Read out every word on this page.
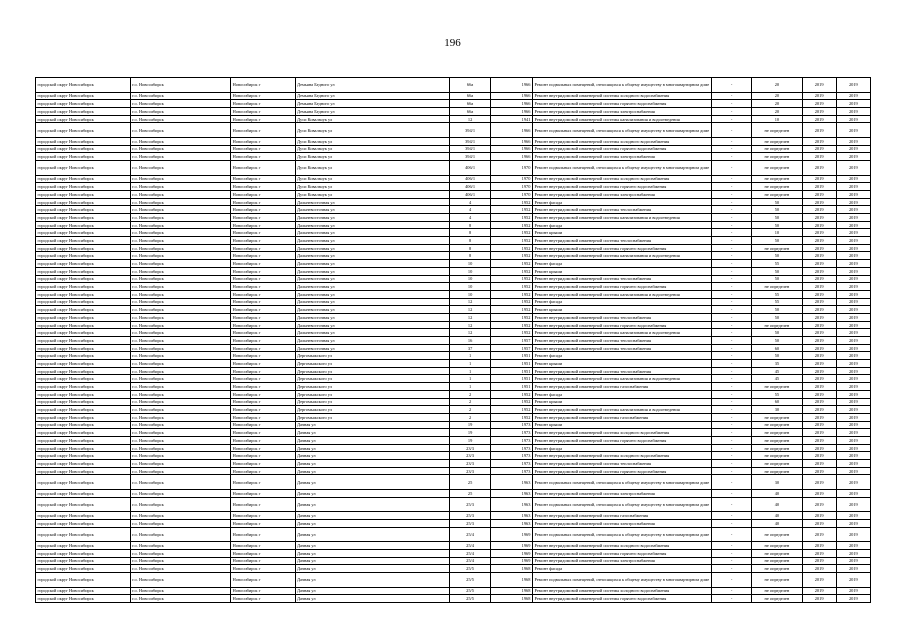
196
городской округ Новосибирск	г.о. Новосибирск	Новосибирск г	Демьяна Бедного ул	66а	1966	Ремонт подвальных помещений, относящихся к общему имуществу в многоквартирном доме	-	20	2019	2019
городской округ Новосибирск	г.о. Новосибирск	Новосибирск г	Демьяна Бедного ул	66а	1966	Ремонт внутридомовой инженерной системы холодного водоснабжения	-	20	2019	2019
городской округ Новосибирск	г.о. Новосибирск	Новосибирск г	Демьяна Бедного ул	66а	1966	Ремонт внутридомовой инженерной системы горячего водоснабжения	-	20	2019	2019
городской округ Новосибирск	г.о. Новосибирск	Новосибирск г	Демьяна Бедного ул	66а	1966	Ремонт внутридомовой инженерной системы электроснабжения	-	20	2019	2019
городской округ Новосибирск	г.о. Новосибирск	Новосибирск г	Дуси Ковальчук ул	12	1941	Ремонт внутридомовой инженерной системы канализования и водоотведения	-	10	2019	2019
городской округ Новосибирск	г.о. Новосибирск	Новосибирск г	Дуси Ковальчук ул	394/1	1966	Ремонт подвальных помещений, относящихся к общему имуществу в многоквартирном доме	-	не определен	2019	2019
городской округ Новосибирск	г.о. Новосибирск	Новосибирск г	Дуси Ковальчук ул	394/1	1966	Ремонт внутридомовой инженерной системы холодного водоснабжения	-	не определен	2019	2019
городской округ Новосибирск	г.о. Новосибирск	Новосибирск г	Дуси Ковальчук ул	394/1	1966	Ремонт внутридомовой инженерной системы горячего водоснабжения	-	не определен	2019	2019
городской округ Новосибирск	г.о. Новосибирск	Новосибирск г	Дуси Ковальчук ул	394/1	1966	Ремонт внутридомовой инженерной системы электроснабжения	-	не определен	2019	2019
городской округ Новосибирск	г.о. Новосибирск	Новосибирск г	Дуси Ковальчук ул	406/1	1970	Ремонт подвальных помещений, относящихся к общему имуществу в многоквартирном доме	-	не определен	2019	2019
городской округ Новосибирск	г.о. Новосибирск	Новосибирск г	Дуси Ковальчук ул	406/1	1970	Ремонт внутридомовой инженерной системы холодного водоснабжения	-	не определен	2019	2019
городской округ Новосибирск	г.о. Новосибирск	Новосибирск г	Дуси Ковальчук ул	406/1	1970	Ремонт внутридомовой инженерной системы горячего водоснабжения	-	не определен	2019	2019
городской округ Новосибирск	г.о. Новосибирск	Новосибирск г	Дуси Ковальчук ул	406/1	1970	Ремонт внутридомовой инженерной системы электроснабжения	-	не определен	2019	2019
городской округ Новосибирск	г.о. Новосибирск	Новосибирск г	Дальневосточная ул	4	1952	Ремонт фасада	-	50	2019	2019
городской округ Новосибирск	г.о. Новосибирск	Новосибирск г	Дальневосточная ул	4	1952	Ремонт внутридомовой инженерной системы теплоснабжения	-	50	2019	2019
городской округ Новосибирск	г.о. Новосибирск	Новосибирск г	Дальневосточная ул	4	1952	Ремонт внутридомовой инженерной системы канализования и водоотведения	-	50	2019	2019
городской округ Новосибирск	г.о. Новосибирск	Новосибирск г	Дальневосточная ул	8	1952	Ремонт фасада	-	50	2019	2019
городской округ Новосибирск	г.о. Новосибирск	Новосибирск г	Дальневосточная ул	8	1952	Ремонт крыши	-	10	2019	2019
городской округ Новосибирск	г.о. Новосибирск	Новосибирск г	Дальневосточная ул	8	1952	Ремонт внутридомовой инженерной системы теплоснабжения	-	50	2019	2019
городской округ Новосибирск	г.о. Новосибирск	Новосибирск г	Дальневосточная ул	8	1952	Ремонт внутридомовой инженерной системы горячего водоснабжения	-	не определен	2019	2019
городской округ Новосибирск	г.о. Новосибирск	Новосибирск г	Дальневосточная ул	8	1952	Ремонт внутридомовой инженерной системы канализования и водоотведения	-	50	2019	2019
городской округ Новосибирск	г.о. Новосибирск	Новосибирск г	Дальневосточная ул	10	1952	Ремонт фасада	-	55	2019	2019
городской округ Новосибирск	г.о. Новосибирск	Новосибирск г	Дальневосточная ул	10	1952	Ремонт крыши	-	50	2019	2019
городской округ Новосибирск	г.о. Новосибирск	Новосибирск г	Дальневосточная ул	10	1952	Ремонт внутридомовой инженерной системы теплоснабжения	-	50	2019	2019
городской округ Новосибирск	г.о. Новосибирск	Новосибирск г	Дальневосточная ул	10	1952	Ремонт внутридомовой инженерной системы горячего водоснабжения	-	не определен	2019	2019
городской округ Новосибирск	г.о. Новосибирск	Новосибирск г	Дальневосточная ул	10	1952	Ремонт внутридомовой инженерной системы канализования и водоотведения	-	55	2019	2019
городской округ Новосибирск	г.о. Новосибирск	Новосибирск г	Дальневосточная ул	12	1952	Ремонт фасада	-	55	2019	2019
городской округ Новосибирск	г.о. Новосибирск	Новосибирск г	Дальневосточная ул	12	1952	Ремонт крыши	-	50	2019	2019
городской округ Новосибирск	г.о. Новосибирск	Новосибирск г	Дальневосточная ул	12	1952	Ремонт внутридомовой инженерной системы теплоснабжения	-	50	2019	2019
городской округ Новосибирск	г.о. Новосибирск	Новосибирск г	Дальневосточная ул	12	1952	Ремонт внутридомовой инженерной системы горячего водоснабжения	-	не определен	2019	2019
городской округ Новосибирск	г.о. Новосибирск	Новосибирск г	Дальневосточная ул	12	1952	Ремонт внутридомовой инженерной системы канализования и водоотведения	-	50	2019	2019
городской округ Новосибирск	г.о. Новосибирск	Новосибирск г	Дальневосточная ул	16	1957	Ремонт внутридомовой инженерной системы теплоснабжения	-	50	2019	2019
городской округ Новосибирск	г.о. Новосибирск	Новосибирск г	Дальневосточная ул	37	1957	Ремонт внутридомовой инженерной системы теплоснабжения	-	60	2019	2019
городской округ Новосибирск	г.о. Новосибирск	Новосибирск г	Дергомыжского ул	1	1951	Ремонт фасада	-	50	2019	2019
городской округ Новосибирск	г.о. Новосибирск	Новосибирск г	Дергомыжского ул	1	1951	Ремонт крыши	-	35	2019	2019
городской округ Новосибирск	г.о. Новосибирск	Новосибирск г	Дергомыжского ул	1	1951	Ремонт внутридомовой инженерной системы теплоснабжения	-	45	2019	2019
городской округ Новосибирск	г.о. Новосибирск	Новосибирск г	Дергомыжского ул	1	1951	Ремонт внутридомовой инженерной системы канализования и водоотведения	-	45	2019	2019
городской округ Новосибирск	г.о. Новосибирск	Новосибирск г	Дергомыжского ул	1	1951	Ремонт внутридомовой инженерной системы газоснабжения	-	не определен	2019	2019
городской округ Новосибирск	г.о. Новосибирск	Новосибирск г	Дергомыжского ул	2	1952	Ремонт фасада	-	55	2019	2019
городской округ Новосибирск	г.о. Новосибирск	Новосибирск г	Дергомыжского ул	2	1952	Ремонт крыши	-	60	2019	2019
городской округ Новосибирск	г.о. Новосибирск	Новосибирск г	Дергомыжского ул	2	1952	Ремонт внутридомовой инженерной системы канализования и водоотведения	-	30	2019	2019
городской округ Новосибирск	г.о. Новосибирск	Новосибирск г	Дергомыжского ул	2	1952	Ремонт внутридомовой инженерной системы газоснабжения	-	не определен	2019	2019
городской округ Новосибирск	г.о. Новосибирск	Новосибирск г	Дачная ул	19	1973	Ремонт крыши	-	не определен	2019	2019
городской округ Новосибирск	г.о. Новосибирск	Новосибирск г	Дачная ул	19	1973	Ремонт внутридомовой инженерной системы холодного водоснабжения	-	не определен	2019	2019
городской округ Новосибирск	г.о. Новосибирск	Новосибирск г	Дачная ул	19	1973	Ремонт внутридомовой инженерной системы горячего водоснабжения	-	не определен	2019	2019
городской округ Новосибирск	г.о. Новосибирск	Новосибирск г	Дачная ул	23/3	1973	Ремонт фасада	-	не определен	2019	2019
городской округ Новосибирск	г.о. Новосибирск	Новосибирск г	Дачная ул	23/3	1973	Ремонт внутридомовой инженерной системы холодного водоснабжения	-	не определен	2019	2019
городской округ Новосибирск	г.о. Новосибирск	Новосибирск г	Дачная ул	23/3	1973	Ремонт внутридомовой инженерной системы теплоснабжения	-	не определен	2019	2019
городской округ Новосибирск	г.о. Новосибирск	Новосибирск г	Дачная ул	23/3	1973	Ремонт внутридомовой инженерной системы горячего водоснабжения	-	не определен	2019	2019
городской округ Новосибирск	г.о. Новосибирск	Новосибирск г	Дачная ул	25	1963	Ремонт подвальных помещений, относящихся к общему имуществу в многоквартирном доме	-	30	2019	2019
городской округ Новосибирск	г.о. Новосибирск	Новосибирск г	Дачная ул	25	1963	Ремонт внутридомовой инженерной системы электроснабжения	-	40	2019	2019
городской округ Новосибирск	г.о. Новосибирск	Новосибирск г	Дачная ул	25/3	1963	Ремонт подвальных помещений, относящихся к общему имуществу в многоквартирном доме	-	40	2019	2019
городской округ Новосибирск	г.о. Новосибирск	Новосибирск г	Дачная ул	25/3	1963	Ремонт внутридомовой инженерной системы газоснабжения	-	40	2019	2019
городской округ Новосибирск	г.о. Новосибирск	Новосибирск г	Дачная ул	25/3	1963	Ремонт внутридомовой инженерной системы электроснабжения	-	40	2019	2019
городской округ Новосибирск	г.о. Новосибирск	Новосибирск г	Дачная ул	25/4	1969	Ремонт подвальных помещений, относящихся к общему имуществу в многоквартирном доме	-	не определен	2019	2019
городской округ Новосибирск	г.о. Новосибирск	Новосибирск г	Дачная ул	25/4	1969	Ремонт внутридомовой инженерной системы холодного водоснабжения	-	не определен	2019	2019
городской округ Новосибирск	г.о. Новосибирск	Новосибирск г	Дачная ул	25/4	1969	Ремонт внутридомовой инженерной системы горячего водоснабжения	-	не определен	2019	2019
городской округ Новосибирск	г.о. Новосибирск	Новосибирск г	Дачная ул	25/4	1969	Ремонт внутридомовой инженерной системы электроснабжения	-	не определен	2019	2019
городской округ Новосибирск	г.о. Новосибирск	Новосибирск г	Дачная ул	25/5	1968	Ремонт фасада	-	не определен	2019	2019
городской округ Новосибирск	г.о. Новосибирск	Новосибирск г	Дачная ул	25/5	1968	Ремонт подвальных помещений, относящихся к общему имуществу в многоквартирном доме	-	не определен	2019	2019
городской округ Новосибирск	г.о. Новосибирск	Новосибирск г	Дачная ул	25/5	1968	Ремонт внутридомовой инженерной системы холодного водоснабжения	-	не определен	2019	2019
городской округ Новосибирск	г.о. Новосибирск	Новосибирск г	Дачная ул	25/5	1968	Ремонт внутридомовой инженерной системы горячего водоснабжения	-	не определен	2019	2019
